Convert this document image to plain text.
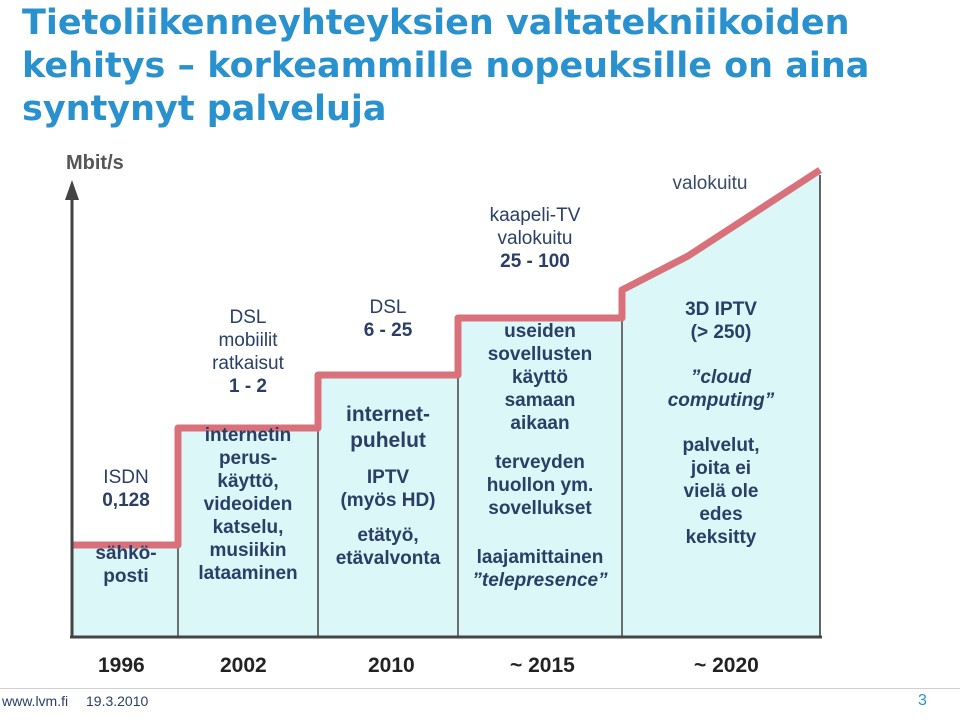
Tietoliikenneyhteyksien valtatekniikoiden kehitys – korkeammille nopeuksille on aina syntynyt palveluja
Mbit/s
kaapeli-TV
valokuitu
25 - 100
valokuitu
ISDN
0,128
sähkö-
posti
DSL
mobiilit
ratkaisut
1 - 2
internetin
perus-
käyttö,
videoiden
katselu,
musiikin
lataaminen
DSL
6 - 25
internet-
puhelut
IPTV
(myös HD)
etätyö,
etävalvonta
useiden
sovellusten
käyttö
samaan
aikaan
terveyden
huollon ym.
sovellukset
laajamittainen
”telepresence”
3D IPTV
(> 250)
”cloud
computing”
palvelut,
joita ei
vielä ole
edes
keksitty
1996	2002	2010	~ 2015	~ 2020
www.lvm.fi 19.3.2010	3
